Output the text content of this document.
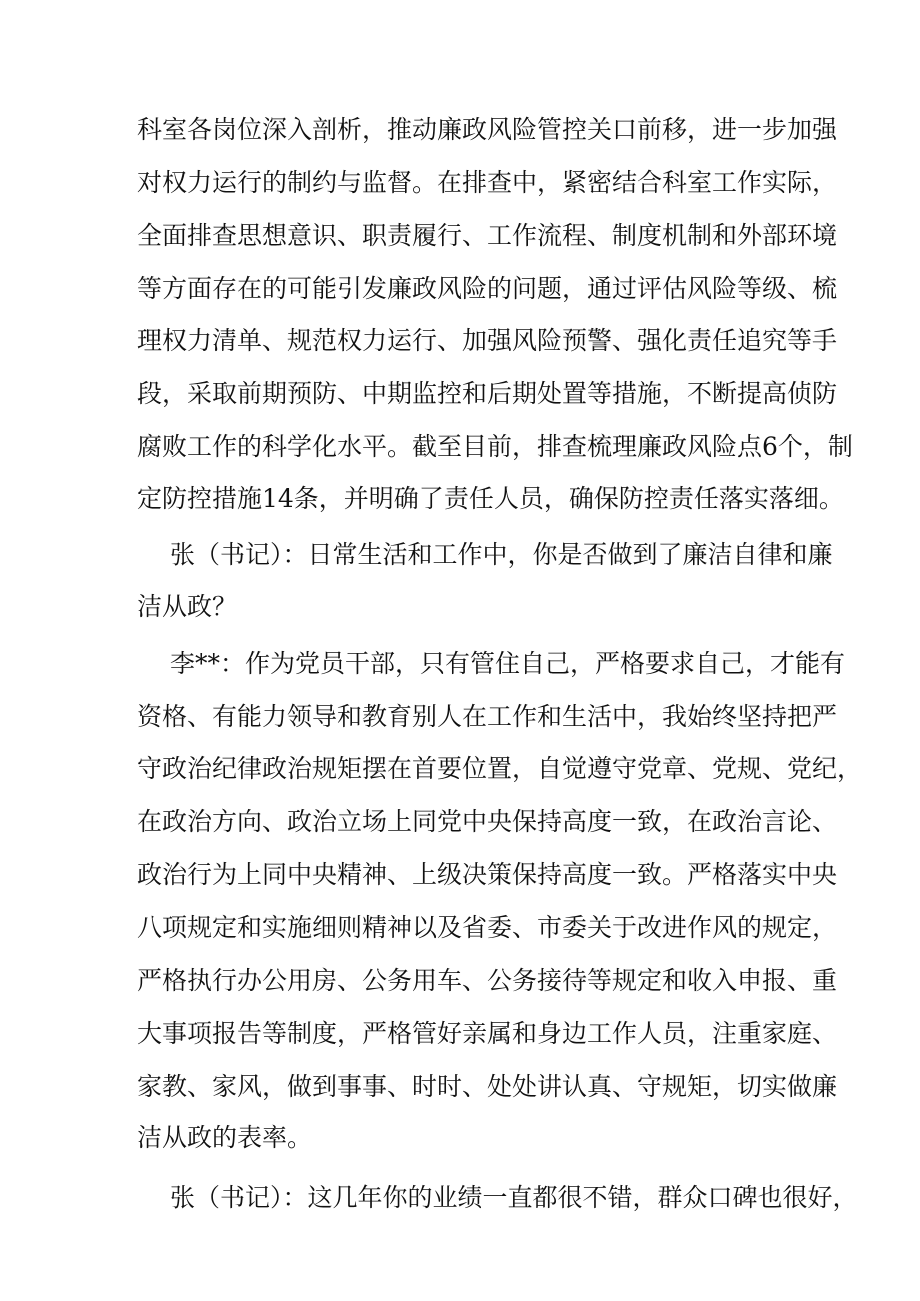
科室各岗位深入剖析，推动廉政风险管控关口前移，进一步加强
对权力运行的制约与监督。在排查中，紧密结合科室工作实际，
全面排查思想意识、职责履行、工作流程、制度机制和外部环境
等方面存在的可能引发廉政风险的问题，通过评估风险等级、梳
理权力清单、规范权力运行、加强风险预警、强化责任追究等手
段，采取前期预防、中期监控和后期处置等措施，不断提高侦防
腐败工作的科学化水平。截至目前，排查梳理廉政风险点6个，制
定防控措施14条，并明确了责任人员，确保防控责任落实落细。
张（书记）：日常生活和工作中，你是否做到了廉洁自律和廉
洁从政？
李**：作为党员干部，只有管住自己，严格要求自己，才能有
资格、有能力领导和教育别人在工作和生活中，我始终坚持把严
守政治纪律政治规矩摆在首要位置，自觉遵守党章、党规、党纪，
在政治方向、政治立场上同党中央保持高度一致，在政治言论、
政治行为上同中央精神、上级决策保持高度一致。严格落实中央
八项规定和实施细则精神以及省委、市委关于改进作风的规定，
严格执行办公用房、公务用车、公务接待等规定和收入申报、重
大事项报告等制度，严格管好亲属和身边工作人员，注重家庭、
家教、家风，做到事事、时时、处处讲认真、守规矩，切实做廉
洁从政的表率。
张（书记）：这几年你的业绩一直都很不错，群众口碑也很好，
